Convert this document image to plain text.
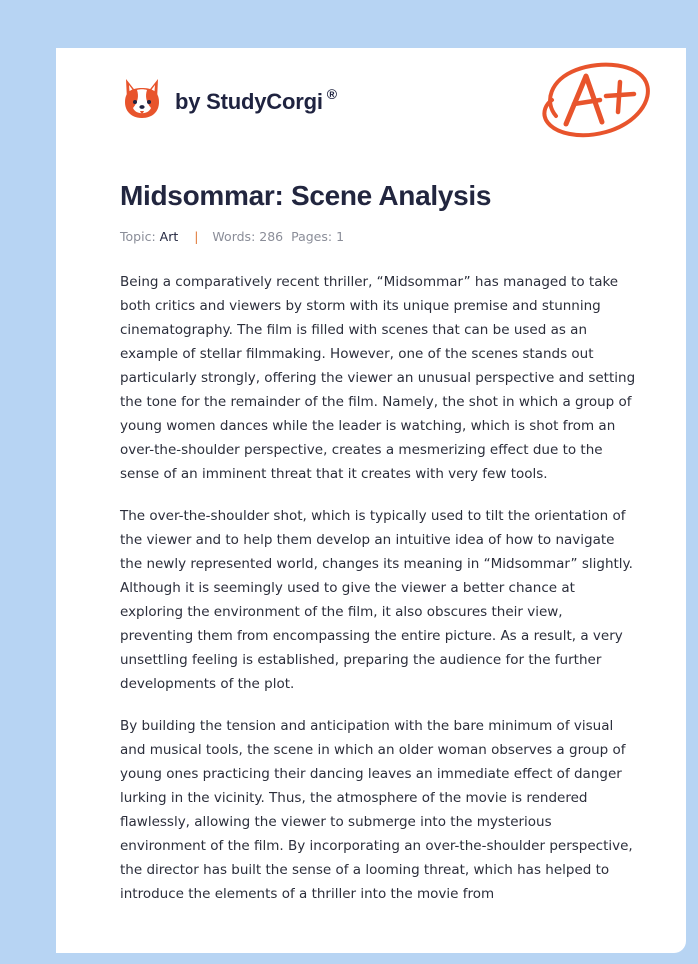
by StudyCorgi ®
Midsommar: Scene Analysis
Topic: Art | Words: 286 Pages: 1

Being a comparatively recent thriller, “Midsommar” has managed to take both critics and viewers by storm with its unique premise and stunning cinematography. The film is filled with scenes that can be used as an example of stellar filmmaking. However, one of the scenes stands out particularly strongly, offering the viewer an unusual perspective and setting the tone for the remainder of the film. Namely, the shot in which a group of young women dances while the leader is watching, which is shot from an over-the-shoulder perspective, creates a mesmerizing effect due to the sense of an imminent threat that it creates with very few tools.

The over-the-shoulder shot, which is typically used to tilt the orientation of the viewer and to help them develop an intuitive idea of how to navigate the newly represented world, changes its meaning in “Midsommar” slightly. Although it is seemingly used to give the viewer a better chance at exploring the environment of the film, it also obscures their view, preventing them from encompassing the entire picture. As a result, a very unsettling feeling is established, preparing the audience for the further developments of the plot.

By building the tension and anticipation with the bare minimum of visual and musical tools, the scene in which an older woman observes a group of young ones practicing their dancing leaves an immediate effect of danger lurking in the vicinity. Thus, the atmosphere of the movie is rendered flawlessly, allowing the viewer to submerge into the mysterious environment of the film. By incorporating an over-the-shoulder perspective, the director has built the sense of a looming threat, which has helped to introduce the elements of a thriller into the movie from
